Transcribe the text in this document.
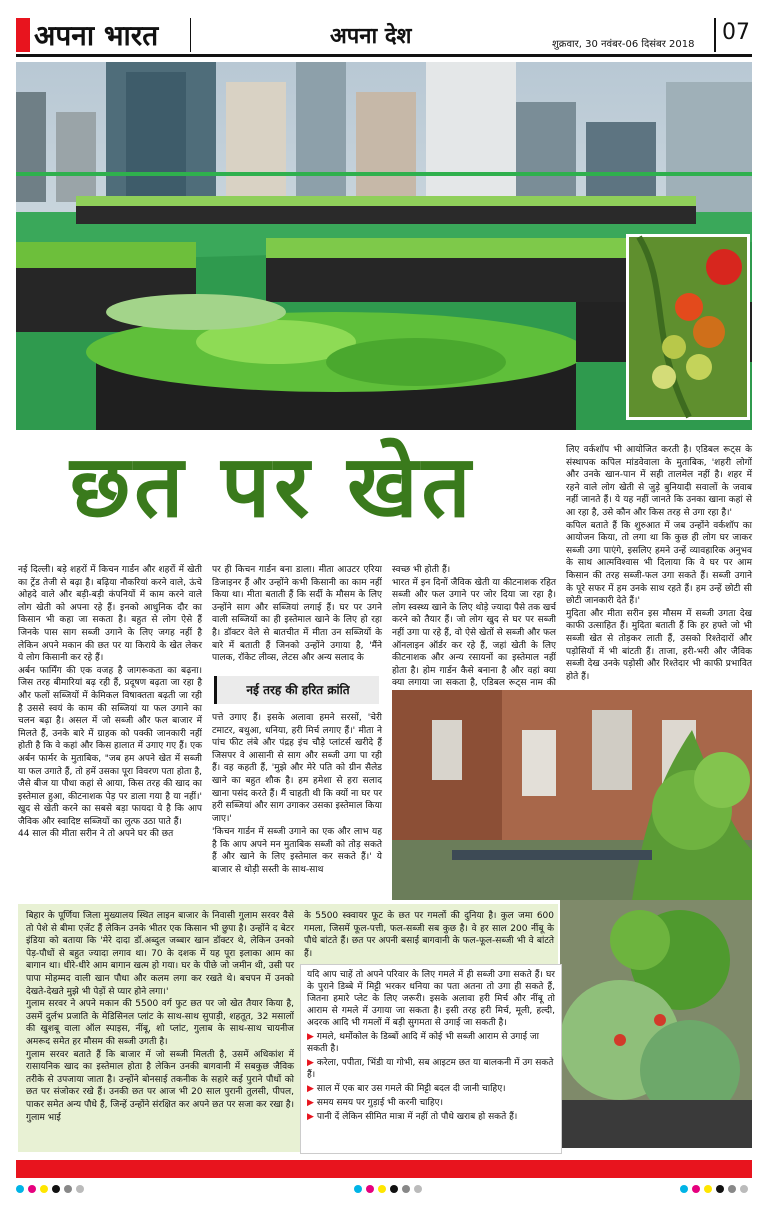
अपना भारत	अपना देश	शुक्रवार, 30 नवंबर-06 दिसंबर 2018 07
छत पर खेत

नई दिल्ली। बड़े शहरों में किचन गार्डन और शहरों में खेती का ट्रेंड तेजी से बढ़ा है। बढ़िया नौकरियां करने वाले, ऊंचे ओहदे वाले और बड़ी-बड़ी कंपनियों में काम करने वाले लोग खेती को अपना रहे हैं। इनको आधुनिक दौर का किसान भी कहा जा सकता है। बहुत से लोग ऐसे हैं जिनके पास साग सब्जी उगाने के लिए जगह नहीं है लेकिन अपने मकान की छत पर या किराये के खेत लेकर ये लोग किसानी कर रहे हैं।

अर्बन फार्मिंग की एक वजह है जागरूकता का बढ़ना। जिस तरह बीमारियां बढ़ रही हैं, प्रदूषण बढ़ता जा रहा है और फलों सब्जियों में केमिकल विषाक्तता बढ़ती जा रही है उससे स्वयं के काम की सब्जियां या फल उगाने का चलन बढ़ा है। असल में जो सब्जी और फल बाजार में मिलते हैं, उनके बारे में ग्राहक को पक्की जानकारी नहीं होती है कि वे कहां और किस हालात में उगाए गए हैं। एक अर्बन फार्मर के मुताबिक, "जब हम अपने खेत में सब्जी या फल उगाते हैं, तो हमें उसका पूरा विवरण पता होता है, जैसे बीज या पौधा कहां से आया, किस तरह की खाद का इस्तेमाल हुआ, कीटनाशक पेड़ पर डाला गया है या नहीं।' खुद से खेती करने का सबसे बड़ा फायदा ये है कि आप जैविक और स्वादिष्ट सब्जियों का लुत्फ उठा पाते हैं।

44 साल की मीता सरीन ने तो अपने घर की छत

पर ही किचन गार्डन बना डाला। मीता आउटर एरिया डिजाइनर हैं और उन्होंने कभी किसानी का काम नहीं किया था। मीता बताती हैं कि सर्दी के मौसम के लिए उन्होंने साग और सब्जियां लगाई हैं। घर पर उगने वाली सब्जियों का ही इस्तेमाल खाने के लिए हो रहा है। डॉक्टर वेले से बातचीत में मीता उन सब्जियों के बारे में बताती हैं जिनको उन्होंने उगाया है, 'मैंने पालक, रॉकेट लीव्स, लेटस और अन्य सलाद के

नई तरह की हरित क्रांति

पत्ते उगाए हैं। इसके अलावा हमने सरसों, 'चेरी टमाटर, बथुआ, धनिया, हरी मिर्च लगाए हैं।' मीता ने पांच फीट लंबे और पंद्रह इंच चौड़े प्लांटर्स खरीदे हैं जिसपर वे आसानी से साग और सब्जी उगा पा रही हैं। वह कहती हैं, 'मुझे और मेरे पति को ग्रीन सैलेड खाने का बहुत शौक है। हम हमेशा से हरा सलाद खाना पसंद करते हैं। मैं चाहती थी कि क्यों ना घर पर हरी सब्जियां और साग उगाकर उसका इस्तेमाल किया जाए।'

'किचन गार्डन में सब्जी उगाने का एक और लाभ यह है कि आप अपने मन मुताबिक सब्जी को तोड़ सकते हैं और खाने के लिए इस्तेमाल कर सकते हैं।' ये बाजार से थोड़ी सस्ती के साथ-साथ

स्वच्छ भी होती हैं।

भारत में इन दिनों जैविक खेती या कीटनाशक रहित सब्जी और फल उगाने पर जोर दिया जा रहा है। लोग स्वस्थ्य खाने के लिए थोड़े ज्यादा पैसे तक खर्च करने को तैयार हैं। जो लोग खुद से घर पर सब्जी नहीं उगा पा रहे हैं, वो ऐसे खेतों से सब्जी और फल ऑनलाइन ऑर्डर कर रहे हैं, जहां खेती के लिए कीटनाशक और अन्य रसायनों का इस्तेमाल नहीं होता है। होम गार्डन कैसे बनाना है और वहां क्या क्या लगाया जा सकता है, एडिबल रूट्स नाम की

लिए वर्कशॉप भी आयोजित करती है। एडिबल रूट्स के संस्थापक कपिल मांडवेवाला के मुताबिक, 'शहरी लोगों और उनके खान-पान में सही तालमेल नहीं है। शहर में रहने वाले लोग खेती से जुड़े बुनियादी सवालों के जवाब नहीं जानते हैं। ये यह नहीं जानते कि उनका खाना कहां से आ रहा है, उसे कौन और किस तरह से उगा रहा है।'

कपिल बताते हैं कि शुरुआत में जब उन्होंने वर्कशॉप का आयोजन किया, तो लगा था कि कुछ ही लोग घर जाकर सब्जी उगा पाएंगे, इसलिए हमने उन्हें व्यावहारिक अनुभव के साथ आत्मविश्वास भी दिलाया कि वे घर पर आम किसान की तरह सब्जी-फल उगा सकते हैं। सब्जी उगाने के पूरे सफर में हम उनके साथ रहते हैं। हम उन्हें छोटी सी छोटी जानकारी देते हैं।'

मुदिता और मीता सरीन इस मौसम में सब्जी उगता देख काफी उत्साहित हैं। मुदिता बताती हैं कि हर हफ्ते जो भी सब्जी खेत से तोड़कर लाती हैं, उसको रिश्तेदारों और पड़ोसियों में भी बांटती हैं। ताजा, हरी-भरी और जैविक सब्जी देख उनके पड़ोसी और रिश्तेदार भी काफी प्रभावित होते हैं।

बिहार के पूर्णिया जिला मुख्यालय स्थित लाइन बाजार के निवासी गुलाम सरवर वैसे तो पेशे से बीमा एजेंट हैं लेकिन उनके भीतर एक किसान भी छुपा है। उन्होंने द बेटर इंडिया को बताया कि 'मेरे दादा डॉ.अब्दुल जब्बार खान डॉक्टर थे, लेकिन उनको पेड़-पौधों से बहुत ज्यादा लगाव था। 70 के दशक में यह पूरा इलाका आम का बागान था। धीरे-धीरे आम बागान खत्म हो गया। घर के पीछे जो जमीन थी, उसी पर पापा मोहम्मद वाली खान पौधा और कलम लगा कर रखते थे। बचपन में उनको देखते-देखते मुझे भी पेड़ों से प्यार होने लगा।'

गुलाम सरवर ने अपने मकान की 5500 वर्ग फुट छत पर जो खेत तैयार किया है, उसमें दुर्लभ प्रजाति के मेडिसिनल प्लांट के साथ-साथ सुपाड़ी, शहतूत, 32 मसालों की खुशबू वाला ऑल स्पाइस, नींबू, शो प्लांट, गुलाब के साथ-साथ चायनीज अमरूद समेत हर मौसम की सब्जी उगती है।

गुलाम सरवर बताते हैं कि बाजार में जो सब्जी मिलती है, उसमें अधिकांश में रासायनिक खाद का इस्तेमाल होता है लेकिन उनकी बागवानी में सबकुछ जैविक तरीके से उपजाया जाता है। उन्होंने बोनसाई तकनीक के सहारे कई पुराने पौधों को छत पर संजोकर रखे हैं। उनकी छत पर आज भी 20 साल पुरानी तुलसी, पीपल, पाकर समेत अन्य पौधे हैं, जिन्हें उन्होंने संरक्षित कर अपने छत पर सजा कर रखा है। गुलाम भाई

के 5500 स्क्वायर फूट के छत पर गमलों की दुनिया है। कुल जमा 600 गमला, जिसमें फूल-पत्ती, फल-सब्जी सब कुछ है। वे हर साल 200 नींबू के पौधे बांटते हैं। छत पर अपनी बसाई बागवानी के फल-फूल-सब्जी भी वे बांटते हैं।

यदि आप चाहें तो अपने परिवार के लिए गमले में ही सब्जी उगा सकते हैं। घर के पुराने डिब्बे में मिट्टी भरकर धनिया का पता अतना तो उगा ही सकते हैं, जितना हमारे प्लेट के लिए जरूरी। इसके अलावा हरी मिर्च और नींबू तो आराम से गमले में उगाया जा सकता है। इसी तरह हरी मिर्च, मूली, हल्दी, अदरक आदि भी गमलों में बड़ी सुगमता से उगाई जा सकती है।
▶ गमले, थर्मोकोल के डिब्बों आदि में कोई भी सब्जी आराम से उगाई जा सकती है।
▶ करेला, पपीता, भिंडी या गोभी, सब आइटम छत या बालकनी में उग सकते हैं।
▶ साल में एक बार उस गमले की मिट्टी बदल दी जानी चाहिए।
▶ समय समय पर गुड़ाई भी करनी चाहिए।
▶ पानी दें लेकिन सीमित मात्रा में नहीं तो पौधे खराब हो सकते हैं।
